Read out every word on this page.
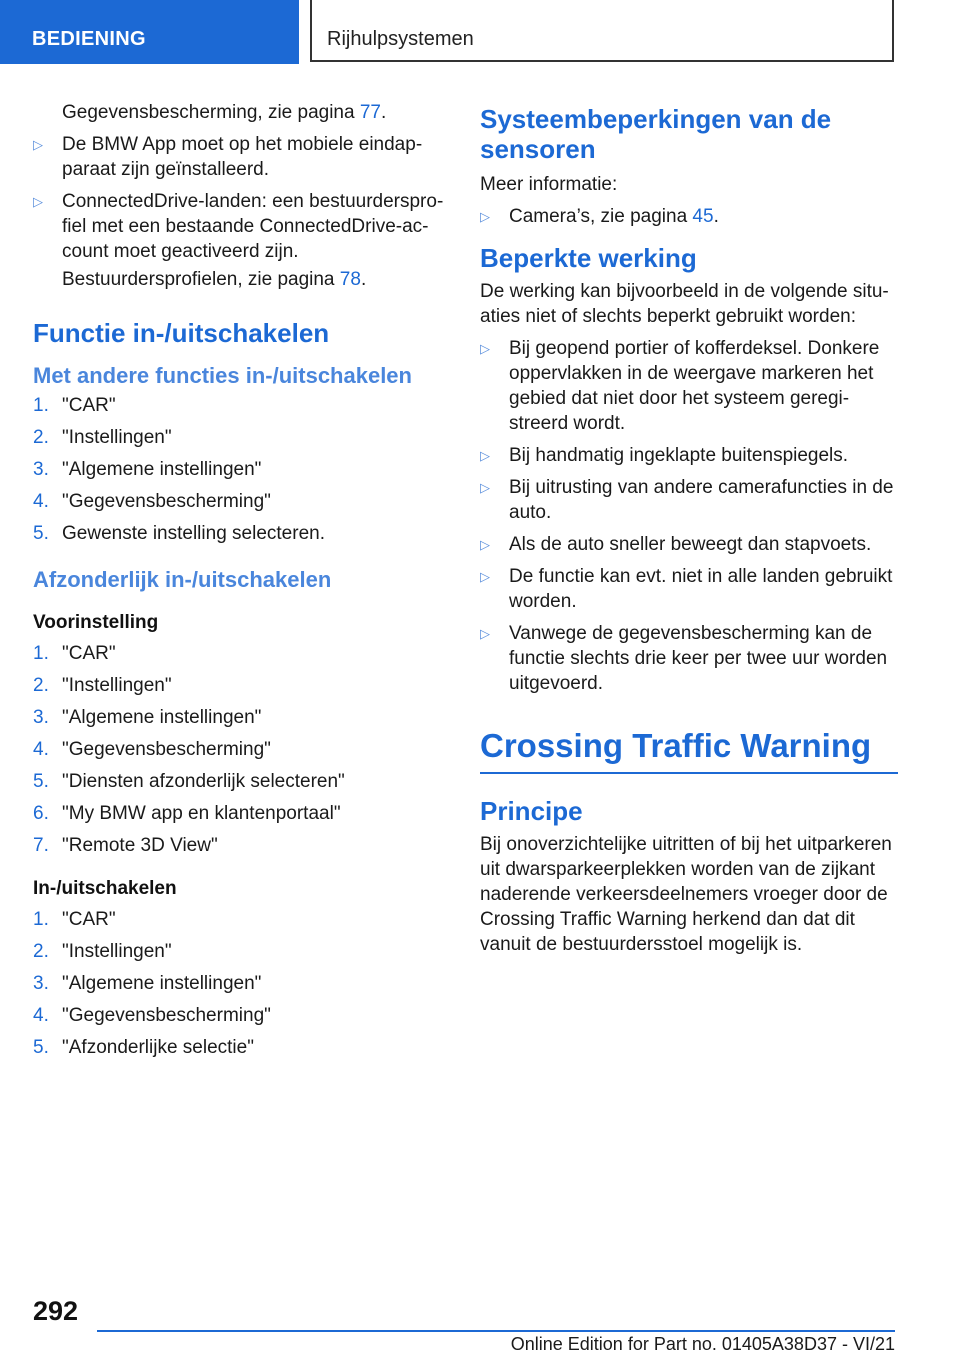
BEDIENING	Rijhulpsystemen

Gegevensbescherming, zie pagina 77.

▷	De BMW App moet op het mobiele eindapparaat zijn geïnstalleerd.
▷	ConnectedDrive-landen: een bestuurdersprofiel met een bestaande ConnectedDrive-account moet geactiveerd zijn.

Bestuurdersprofielen, zie pagina 78.

Functie in-/uitschakelen
Met andere functies in-/uitschakelen
1. "CAR"
2. "Instellingen"
3. "Algemene instellingen"
4. "Gegevensbescherming"
5. Gewenste instelling selecteren.
Afzonderlijk in-/uitschakelen
Voorinstelling
1. "CAR"
2. "Instellingen"
3. "Algemene instellingen"
4. "Gegevensbescherming"
5. "Diensten afzonderlijk selecteren"
6. "My BMW app en klantenportaal"
7. "Remote 3D View"
In-/uitschakelen
1. "CAR"
2. "Instellingen"
3. "Algemene instellingen"
4. "Gegevensbescherming"
5. "Afzonderlijke selectie"
Systeembeperkingen van de sensoren

Meer informatie:

▷	Camera’s, zie pagina 45.
Beperkte werking

De werking kan bijvoorbeeld in de volgende situaties niet of slechts beperkt gebruikt worden:

▷	Bij geopend portier of kofferdeksel. Donkere oppervlakken in de weergave markeren het gebied dat niet door het systeem geregistreerd wordt.
▷	Bij handmatig ingeklapte buitenspiegels.
▷	Bij uitrusting van andere camerafuncties in de auto.
▷	Als de auto sneller beweegt dan stapvoets.
▷	De functie kan evt. niet in alle landen gebruikt worden.
▷	Vanwege de gegevensbescherming kan de functie slechts drie keer per twee uur worden uitgevoerd.
Crossing Traffic Warning
Principe

Bij onoverzichtelijke uitritten of bij het uitparkeren uit dwarsparkeerplekken worden van de zijkant naderende verkeersdeelnemers vroeger door de Crossing Traffic Warning herkend dan dat dit vanuit de bestuurdersstoel mogelijk is.

292
Online Edition for Part no. 01405A38D37 - VI/21
